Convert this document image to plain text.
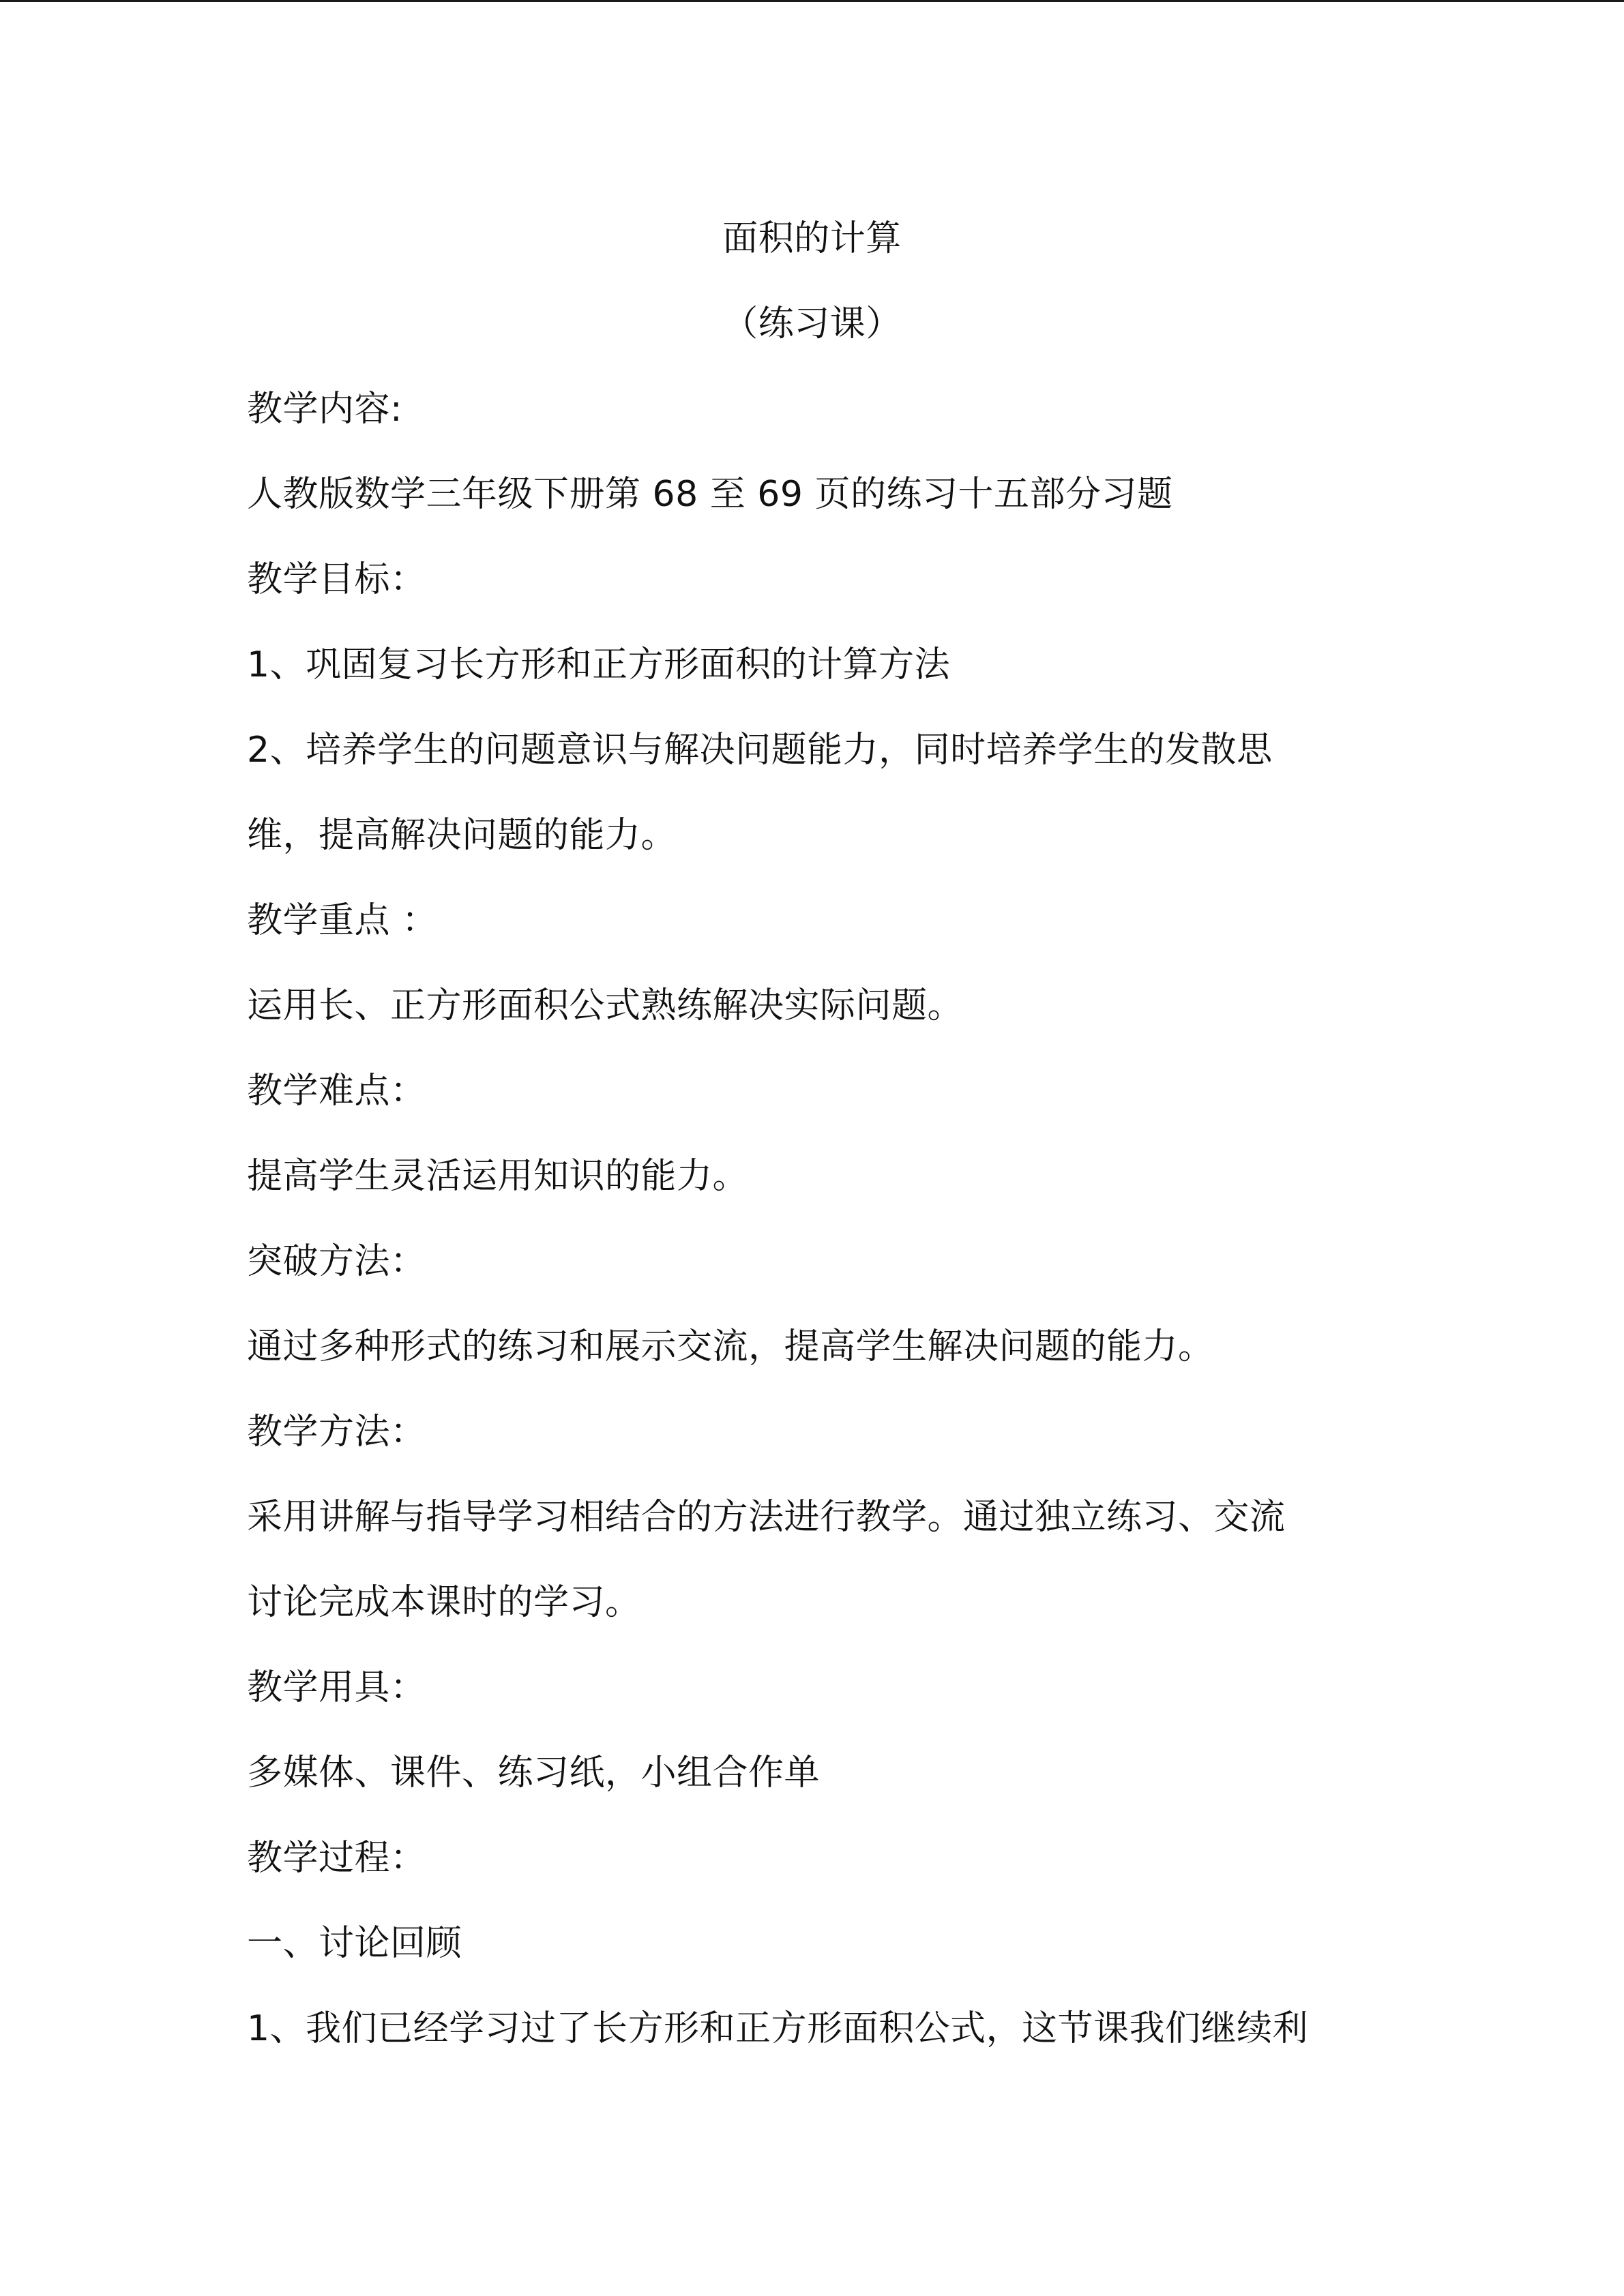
面积的计算
（练习课）
教学内容:
人教版数学三年级下册第 68 至 69 页的练习十五部分习题
教学目标：
1、巩固复习长方形和正方形面积的计算方法
2、培养学生的问题意识与解决问题能力，同时培养学生的发散思
维，提高解决问题的能力。
教学重点 ：
运用长、正方形面积公式熟练解决实际问题。
教学难点：
提高学生灵活运用知识的能力。
突破方法：
通过多种形式的练习和展示交流，提高学生解决问题的能力。
教学方法：
采用讲解与指导学习相结合的方法进行教学。通过独立练习、交流
讨论完成本课时的学习。
教学用具：
多媒体、课件、练习纸，小组合作单
教学过程：
一、讨论回顾
1、我们已经学习过了长方形和正方形面积公式，这节课我们继续利
